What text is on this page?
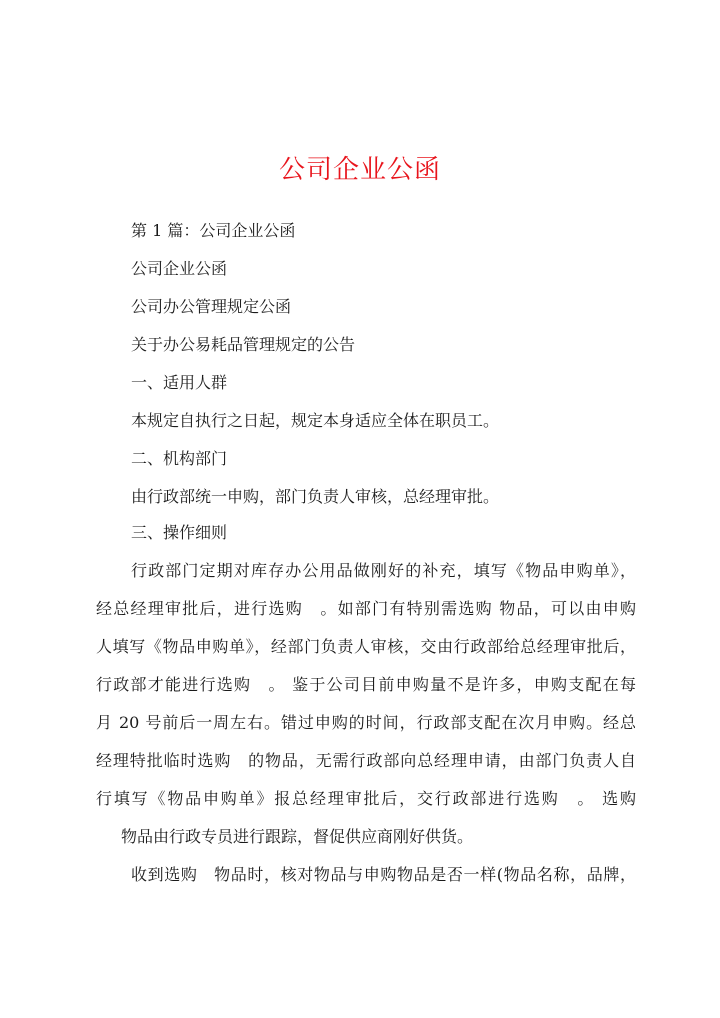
公司企业公函
第 1 篇：公司企业公函
公司企业公函
公司办公管理规定公函
关于办公易耗品管理规定的公告
一、适用人群
本规定自执行之日起，规定本身适应全体在职员工。
二、机构部门
由行政部统一申购，部门负责人审核，总经理审批。
三、操作细则
行政部门定期对库存办公用品做刚好的补充，填写《物品申购单》，
经总经理审批后，进行选购　。如部门有特别需选购 物品，可以由申购
人填写《物品申购单》，经部门负责人审核，交由行政部给总经理审批后，
行政部才能进行选购　。 鉴于公司目前申购量不是许多，申购支配在每
月 20 号前后一周左右。错过申购的时间，行政部支配在次月申购。经总
经理特批临时选购　的物品，无需行政部向总经理申请，由部门负责人自
行填写《物品申购单》报总经理审批后，交行政部进行选购　。 选购
物品由行政专员进行跟踪，督促供应商刚好供货。
收到选购　物品时，核对物品与申购物品是否一样(物品名称，品牌，
